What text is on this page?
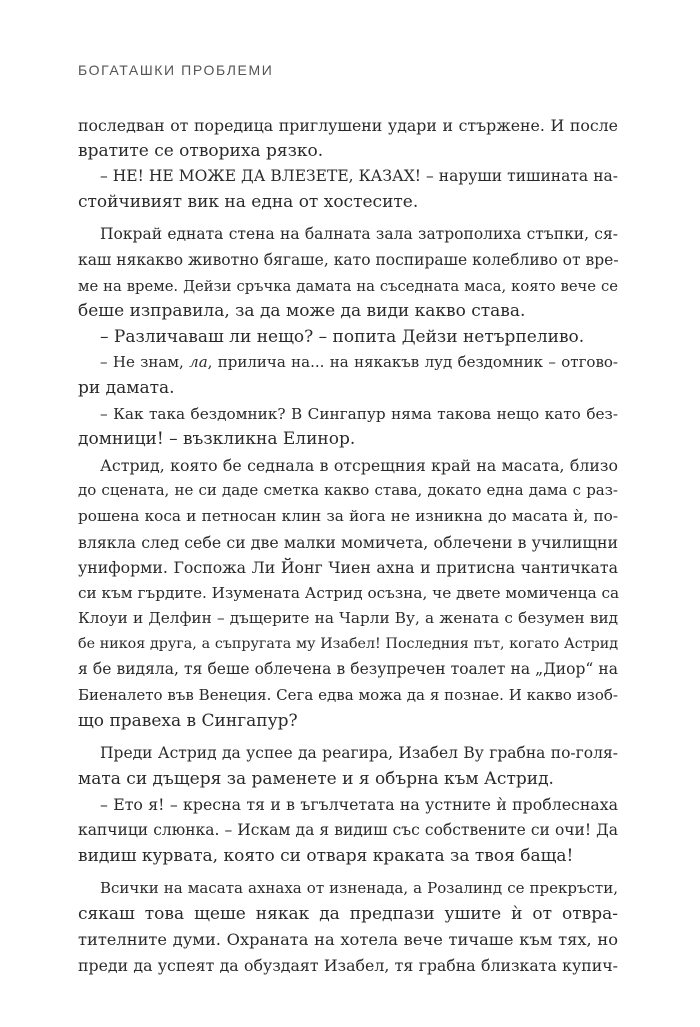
БОГАТАШКИ ПРОБЛЕМИ
последван от поредица приглушени удари и стържене. И после
вратите се отвориха рязко.
– НЕ! НЕ МОЖЕ ДА ВЛЕЗЕТЕ, КАЗАХ! – наруши тишината на-
стойчивият вик на една от хостесите.
Покрай едната стена на балната зала затрополиха стъпки, ся-
каш някакво животно бягаше, като поспираше колебливо от вре-
ме на време. Дейзи сръчка дамата на съседната маса, която вече се
беше изправила, за да може да види какво става.
– Различаваш ли нещо? – попита Дейзи нетърпеливо.
– Не знам, ла, прилича на... на някакъв луд бездомник – отгово-
ри дамата.
– Как така бездомник? В Сингапур няма такова нещо като без-
домници! – възкликна Елинор.
Астрид, която бе седнала в отсрещния край на масата, близо
до сцената, не си даде сметка какво става, докато една дама с раз-
рошена коса и петносан клин за йога не изникна до масата ѝ, по-
влякла след себе си две малки момичета, облечени в училищни
униформи. Госпожа Ли Йонг Чиен ахна и притисна чантичката
си към гърдите. Изумената Астрид осъзна, че двете момиченца са
Клоуи и Делфин – дъщерите на Чарли Ву, а жената с безумен вид
бе никоя друга, а съпругата му Изабел! Последния път, когато Астрид
я бе видяла, тя беше облечена в безупречен тоалет на „Диор“ на
Биеналето във Венеция. Сега едва можа да я познае. И какво изоб-
що правеха в Сингапур?
Преди Астрид да успее да реагира, Изабел Ву грабна по-голя-
мата си дъщеря за раменете и я обърна към Астрид.
– Ето я! – кресна тя и в ъгълчетата на устните ѝ проблеснаха
капчици слюнка. – Искам да я видиш със собствените си очи! Да
видиш курвата, която си отваря краката за твоя баща!
Всички на масата ахнаха от изненада, а Розалинд се прекръсти,
сякаш това щеше някак да предпази ушите ѝ от отвра-
тителните думи. Охраната на хотела вече тичаше към тях, но
преди да успеят да обуздаят Изабел, тя грабна близката купич-
